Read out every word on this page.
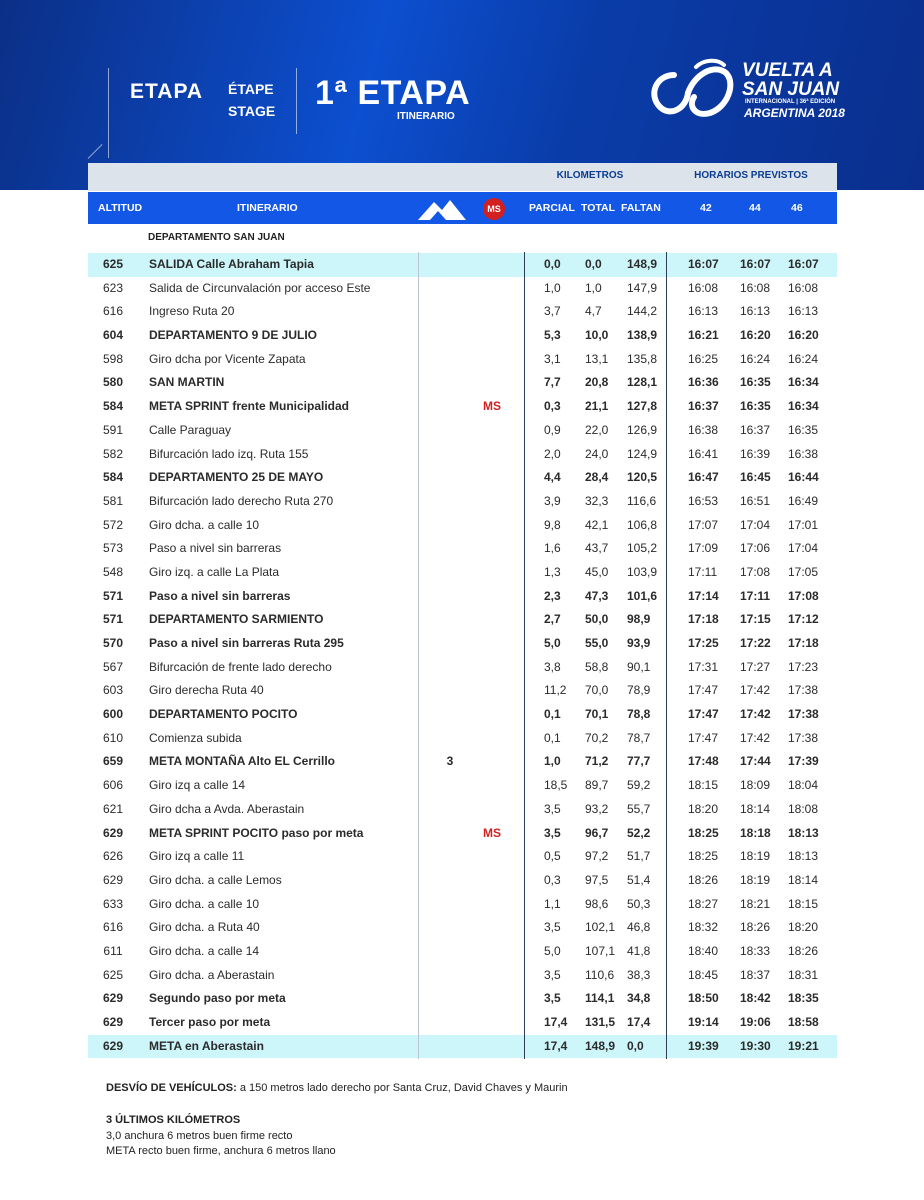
ETAPA ÉTAPE
STAGE 1ª ETAPA
ITINERARIO
VUELTA A
SAN JUAN
INTERNACIONAL | 36ª EDICIÓN
ARGENTINA 2018
KILOMETROS	HORARIOS PREVISTOS
ALTITUD	ITINERARIO	MS	PARCIAL TOTAL FALTAN	42	44	46
DEPARTAMENTO SAN JUAN
625	SALIDA Calle Abraham Tapia	0,0 0,0 148,9	16:07 16:07 16:07
623	Salida de Circunvalación por acceso Este	1,0 1,0 147,9	16:08 16:08 16:08
616	Ingreso Ruta 20	3,7 4,7 144,2	16:13 16:13 16:13
604	DEPARTAMENTO 9 DE JULIO	5,3 10,0 138,9	16:21 16:20 16:20
598	Giro dcha por Vicente Zapata	3,1 13,1 135,8	16:25 16:24 16:24
580	SAN MARTIN	7,7 20,8 128,1	16:36 16:35 16:34
584	META SPRINT frente Municipalidad	MS	0,3 21,1 127,8	16:37 16:35 16:34
591	Calle Paraguay	0,9 22,0 126,9	16:38 16:37 16:35
582	Bifurcación lado izq. Ruta 155	2,0 24,0 124,9	16:41 16:39 16:38
584	DEPARTAMENTO 25 DE MAYO	4,4 28,4 120,5	16:47 16:45 16:44
581	Bifurcación lado derecho Ruta 270	3,9 32,3 116,6	16:53 16:51 16:49
572	Giro dcha. a calle 10	9,8 42,1 106,8	17:07 17:04 17:01
573	Paso a nivel sin barreras	1,6 43,7 105,2	17:09 17:06 17:04
548	Giro izq. a calle La Plata	1,3 45,0 103,9	17:11 17:08 17:05
571	Paso a nivel sin barreras	2,3 47,3 101,6	17:14 17:11 17:08
571	DEPARTAMENTO SARMIENTO	2,7 50,0 98,9	17:18 17:15 17:12
570	Paso a nivel sin barreras Ruta 295	5,0 55,0 93,9	17:25 17:22 17:18
567	Bifurcación de frente lado derecho	3,8 58,8 90,1	17:31 17:27 17:23
603	Giro derecha Ruta 40	11,2 70,0 78,9	17:47 17:42 17:38
600	DEPARTAMENTO POCITO	0,1 70,1 78,8	17:47 17:42 17:38
610	Comienza subida	0,1 70,2 78,7	17:47 17:42 17:38
659	META MONTAÑA Alto EL Cerrillo	3	1,0 71,2 77,7	17:48 17:44 17:39
606	Giro izq a calle 14	18,5 89,7 59,2	18:15 18:09 18:04
621	Giro dcha a Avda. Aberastain	3,5 93,2 55,7	18:20 18:14 18:08
629	META SPRINT POCITO paso por meta	MS	3,5 96,7 52,2	18:25 18:18 18:13
626	Giro izq a calle 11	0,5 97,2 51,7	18:25 18:19 18:13
629	Giro dcha. a calle Lemos	0,3 97,5 51,4	18:26 18:19 18:14
633	Giro dcha. a calle 10	1,1 98,6 50,3	18:27 18:21 18:15
616	Giro dcha. a Ruta 40	3,5 102,1 46,8	18:32 18:26 18:20
611	Giro dcha. a calle 14	5,0 107,1 41,8	18:40 18:33 18:26
625	Giro dcha. a Aberastain	3,5 110,6 38,3	18:45 18:37 18:31
629	Segundo paso por meta	3,5 114,1 34,8	18:50 18:42 18:35
629	Tercer paso por meta	17,4 131,5 17,4	19:14 19:06 18:58
629	META en Aberastain	17,4 148,9 0,0	19:39 19:30 19:21
DESVÍO DE VEHÍCULOS: a 150 metros lado derecho por Santa Cruz, David Chaves y Maurin
3 ÚLTIMOS KILÓMETROS
3,0 anchura 6 metros buen firme recto
META recto buen firme, anchura 6 metros llano
